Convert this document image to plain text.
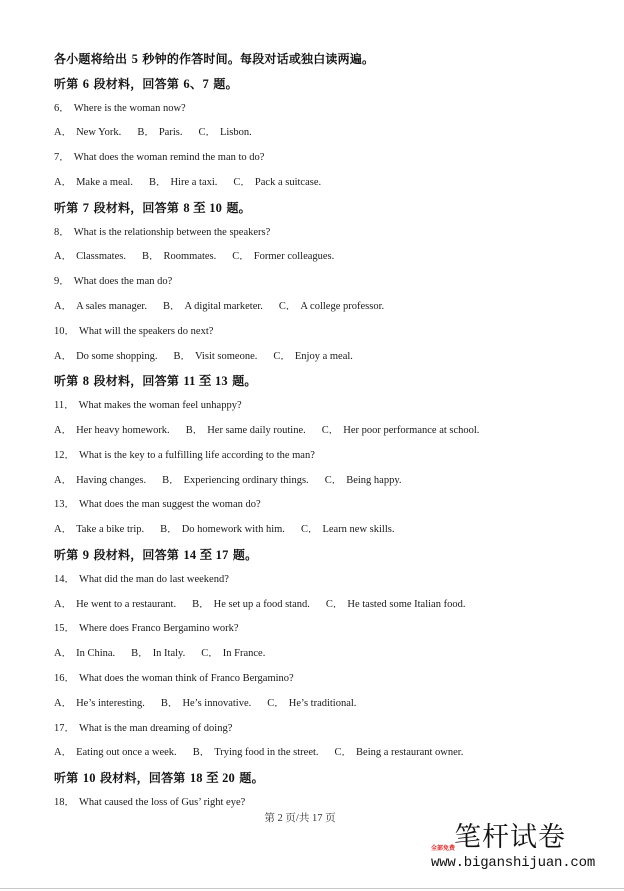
各小题将给出 5 秒钟的作答时间。每段对话或独白读两遍。
听第 6 段材料，回答第 6、7 题。
6． Where is the woman now?
A． New York. B． Paris. C． Lisbon.
7． What does the woman remind the man to do?
A． Make a meal. B． Hire a taxi. C． Pack a suitcase.
听第 7 段材料，回答第 8 至 10 题。
8． What is the relationship between the speakers?
A． Classmates. B． Roommates. C． Former colleagues.
9． What does the man do?
A． A sales manager. B． A digital marketer. C． A college professor.
10． What will the speakers do next?
A． Do some shopping. B． Visit someone. C． Enjoy a meal.
听第 8 段材料，回答第 11 至 13 题。
11． What makes the woman feel unhappy?
A． Her heavy homework. B． Her same daily routine. C． Her poor performance at school.
12． What is the key to a fulfilling life according to the man?
A． Having changes. B． Experiencing ordinary things. C． Being happy.
13． What does the man suggest the woman do?
A． Take a bike trip. B． Do homework with him. C． Learn new skills.
听第 9 段材料，回答第 14 至 17 题。
14． What did the man do last weekend?
A． He went to a restaurant. B． He set up a food stand. C． He tasted some Italian food.
15． Where does Franco Bergamino work?
A． In China. B． In Italy. C． In France.
16． What does the woman think of Franco Bergamino?
A． He’s interesting. B． He’s innovative. C． He’s traditional.
17． What is the man dreaming of doing?
A． Eating out once a week. B． Trying food in the street. C． Being a restaurant owner.
听第 10 段材料，回答第 18 至 20 题。
18． What caused the loss of Gus’ right eye?
第 2 页/共 17 页
笔杆试卷
全部免费
www.biganshijuan.com
